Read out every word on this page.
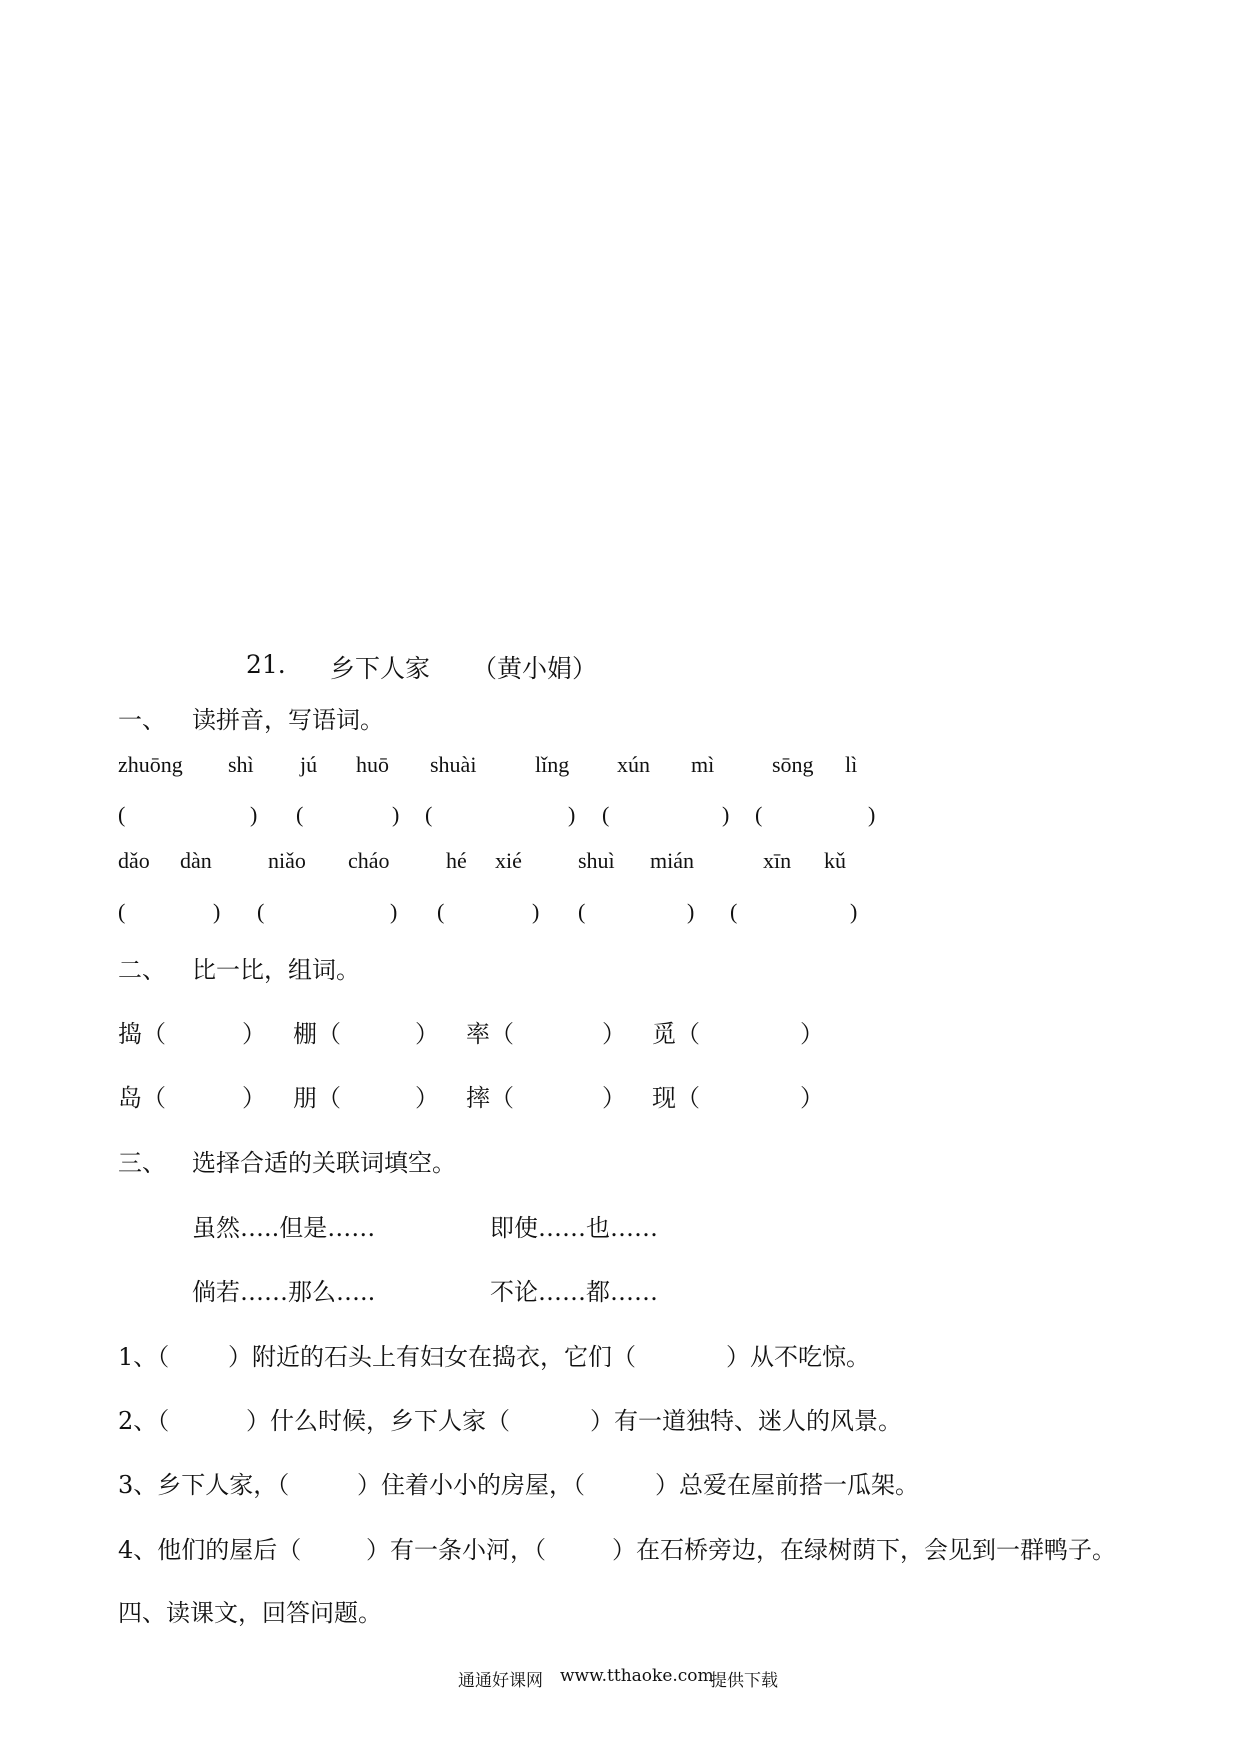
21. 乡下人家 （黄小娟）
一、 读拼音，写语词。
zhuōng shì jú huō shuài	lǐng xún mì	sōng lì
(	) (	) (	) (	) (	)
dǎo dàn	niǎo cháo	hé xié	shuì mián	xīn kǔ
(	) (	) (	) (	) (	)
二、 比一比，组词。
捣（	） 棚（	） 率（	） 觅（	）
岛（	） 朋（	） 摔（	） 现（	）
三、 选择合适的关联词填空。
虽然…..但是……	即使……也……
倘若……那么…..	不论……都……
1、（ ）附近的石头上有妇女在捣衣，它们（	）从不吃惊。
2、（	）什么时候，乡下人家（	）有一道独特、迷人的风景。
3、乡下人家，（	）住着小小的房屋，（	）总爱在屋前搭一瓜架。
4、他们的屋后（	）有一条小河，（	）在石桥旁边，在绿树荫下，会见到一群鸭子。
四、读课文，回答问题。
通通好课网 www.tthaoke.com
提供下载
